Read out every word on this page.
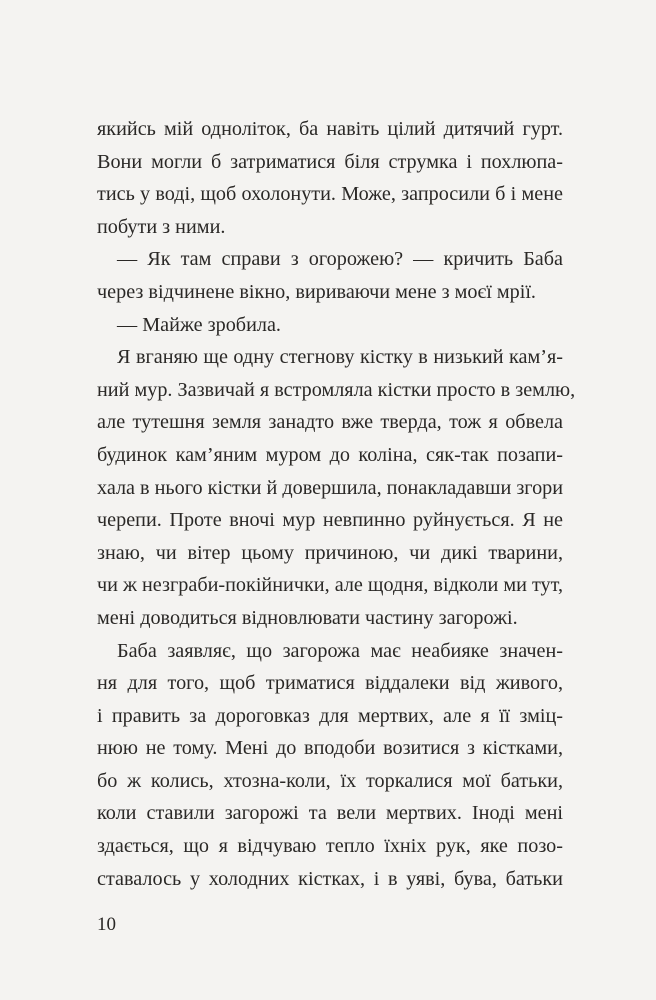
якийсь мій одноліток, ба навіть цілий дитячий гурт.
Вони могли б затриматися біля струмка і похлюпа-
тись у воді, щоб охолонути. Може, запросили б і мене
побути з ними.
— Як там справи з огорожею? — кричить Баба
через відчинене вікно, вириваючи мене з моєї мрії.
— Майже зробила.
Я вганяю ще одну стегнову кістку в низький кам’я-
ний мур. Зазвичай я встромляла кістки просто в землю,
але тутешня земля занадто вже тверда, тож я обвела
будинок кам’яним муром до коліна, сяк-так позапи-
хала в нього кістки й довершила, понакладавши згори
черепи. Проте вночі мур невпинно руйнується. Я не
знаю, чи вітер цьому причиною, чи дикі тварини,
чи ж незграби-покійнички, але щодня, відколи ми тут,
мені доводиться відновлювати частину загорожі.
Баба заявляє, що загорожа має неабияке значен-
ня для того, щоб триматися віддалеки від живого,
і править за дороговказ для мертвих, але я її зміц-
нюю не тому. Мені до вподоби возитися з кістками,
бо ж колись, хтозна-коли, їх торкалися мої батьки,
коли ставили загорожі та вели мертвих. Іноді мені
здається, що я відчуваю тепло їхніх рук, яке позо-
ставалось у холодних кістках, і в уяві, бува, батьки
10
